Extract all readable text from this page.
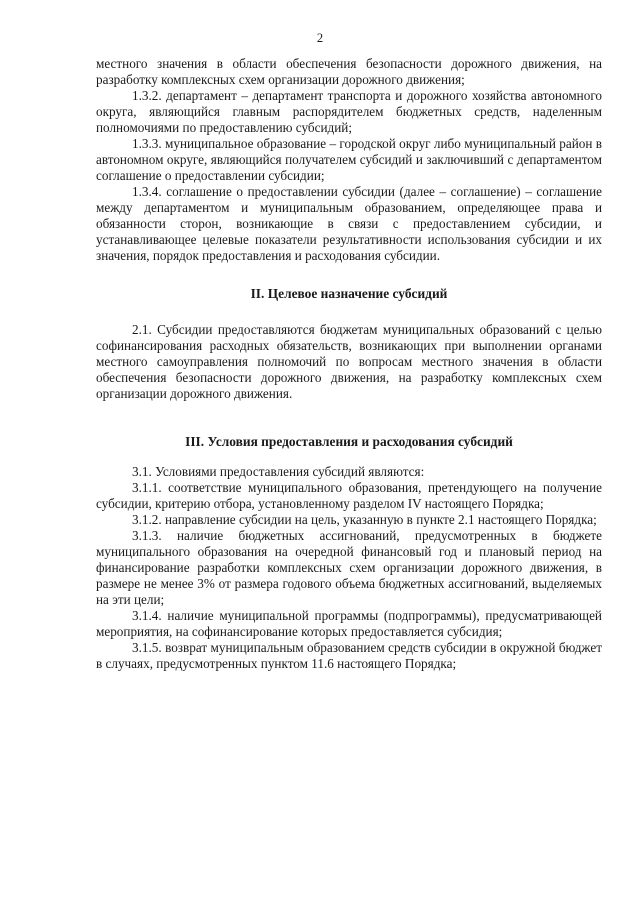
2

местного значения в области обеспечения безопасности дорожного движения, на разработку комплексных схем организации дорожного движения;

1.3.2. департамент – департамент транспорта и дорожного хозяйства автономного округа, являющийся главным распорядителем бюджетных средств, наделенным полномочиями по предоставлению субсидий;

1.3.3. муниципальное образование – городской округ либо муниципальный район в автономном округе, являющийся получателем субсидий и заключивший с департаментом соглашение о предоставлении субсидии;

1.3.4. соглашение о предоставлении субсидии (далее – соглашение) – соглашение между департаментом и муниципальным образованием, определяющее права и обязанности сторон, возникающие в связи с предоставлением субсидии, и устанавливающее целевые показатели результативности использования субсидии и их значения, порядок предоставления и расходования субсидии.

II. Целевое назначение субсидий

2.1. Субсидии предоставляются бюджетам муниципальных образований с целью софинансирования расходных обязательств, возникающих при выполнении органами местного самоуправления полномочий по вопросам местного значения в области обеспечения безопасности дорожного движения, на разработку комплексных схем организации дорожного движения.

III. Условия предоставления и расходования субсидий

3.1. Условиями предоставления субсидий являются:

3.1.1. соответствие муниципального образования, претендующего на получение субсидии, критерию отбора, установленному разделом IV настоящего Порядка;

3.1.2. направление субсидии на цель, указанную в пункте 2.1 настоящего Порядка;

3.1.3. наличие бюджетных ассигнований, предусмотренных в бюджете муниципального образования на очередной финансовый год и плановый период на финансирование разработки комплексных схем организации дорожного движения, в размере не менее 3% от размера годового объема бюджетных ассигнований, выделяемых на эти цели;

3.1.4. наличие муниципальной программы (подпрограммы), предусматривающей мероприятия, на софинансирование которых предоставляется субсидия;

3.1.5. возврат муниципальным образованием средств субсидии в окружной бюджет в случаях, предусмотренных пунктом 11.6 настоящего Порядка;
